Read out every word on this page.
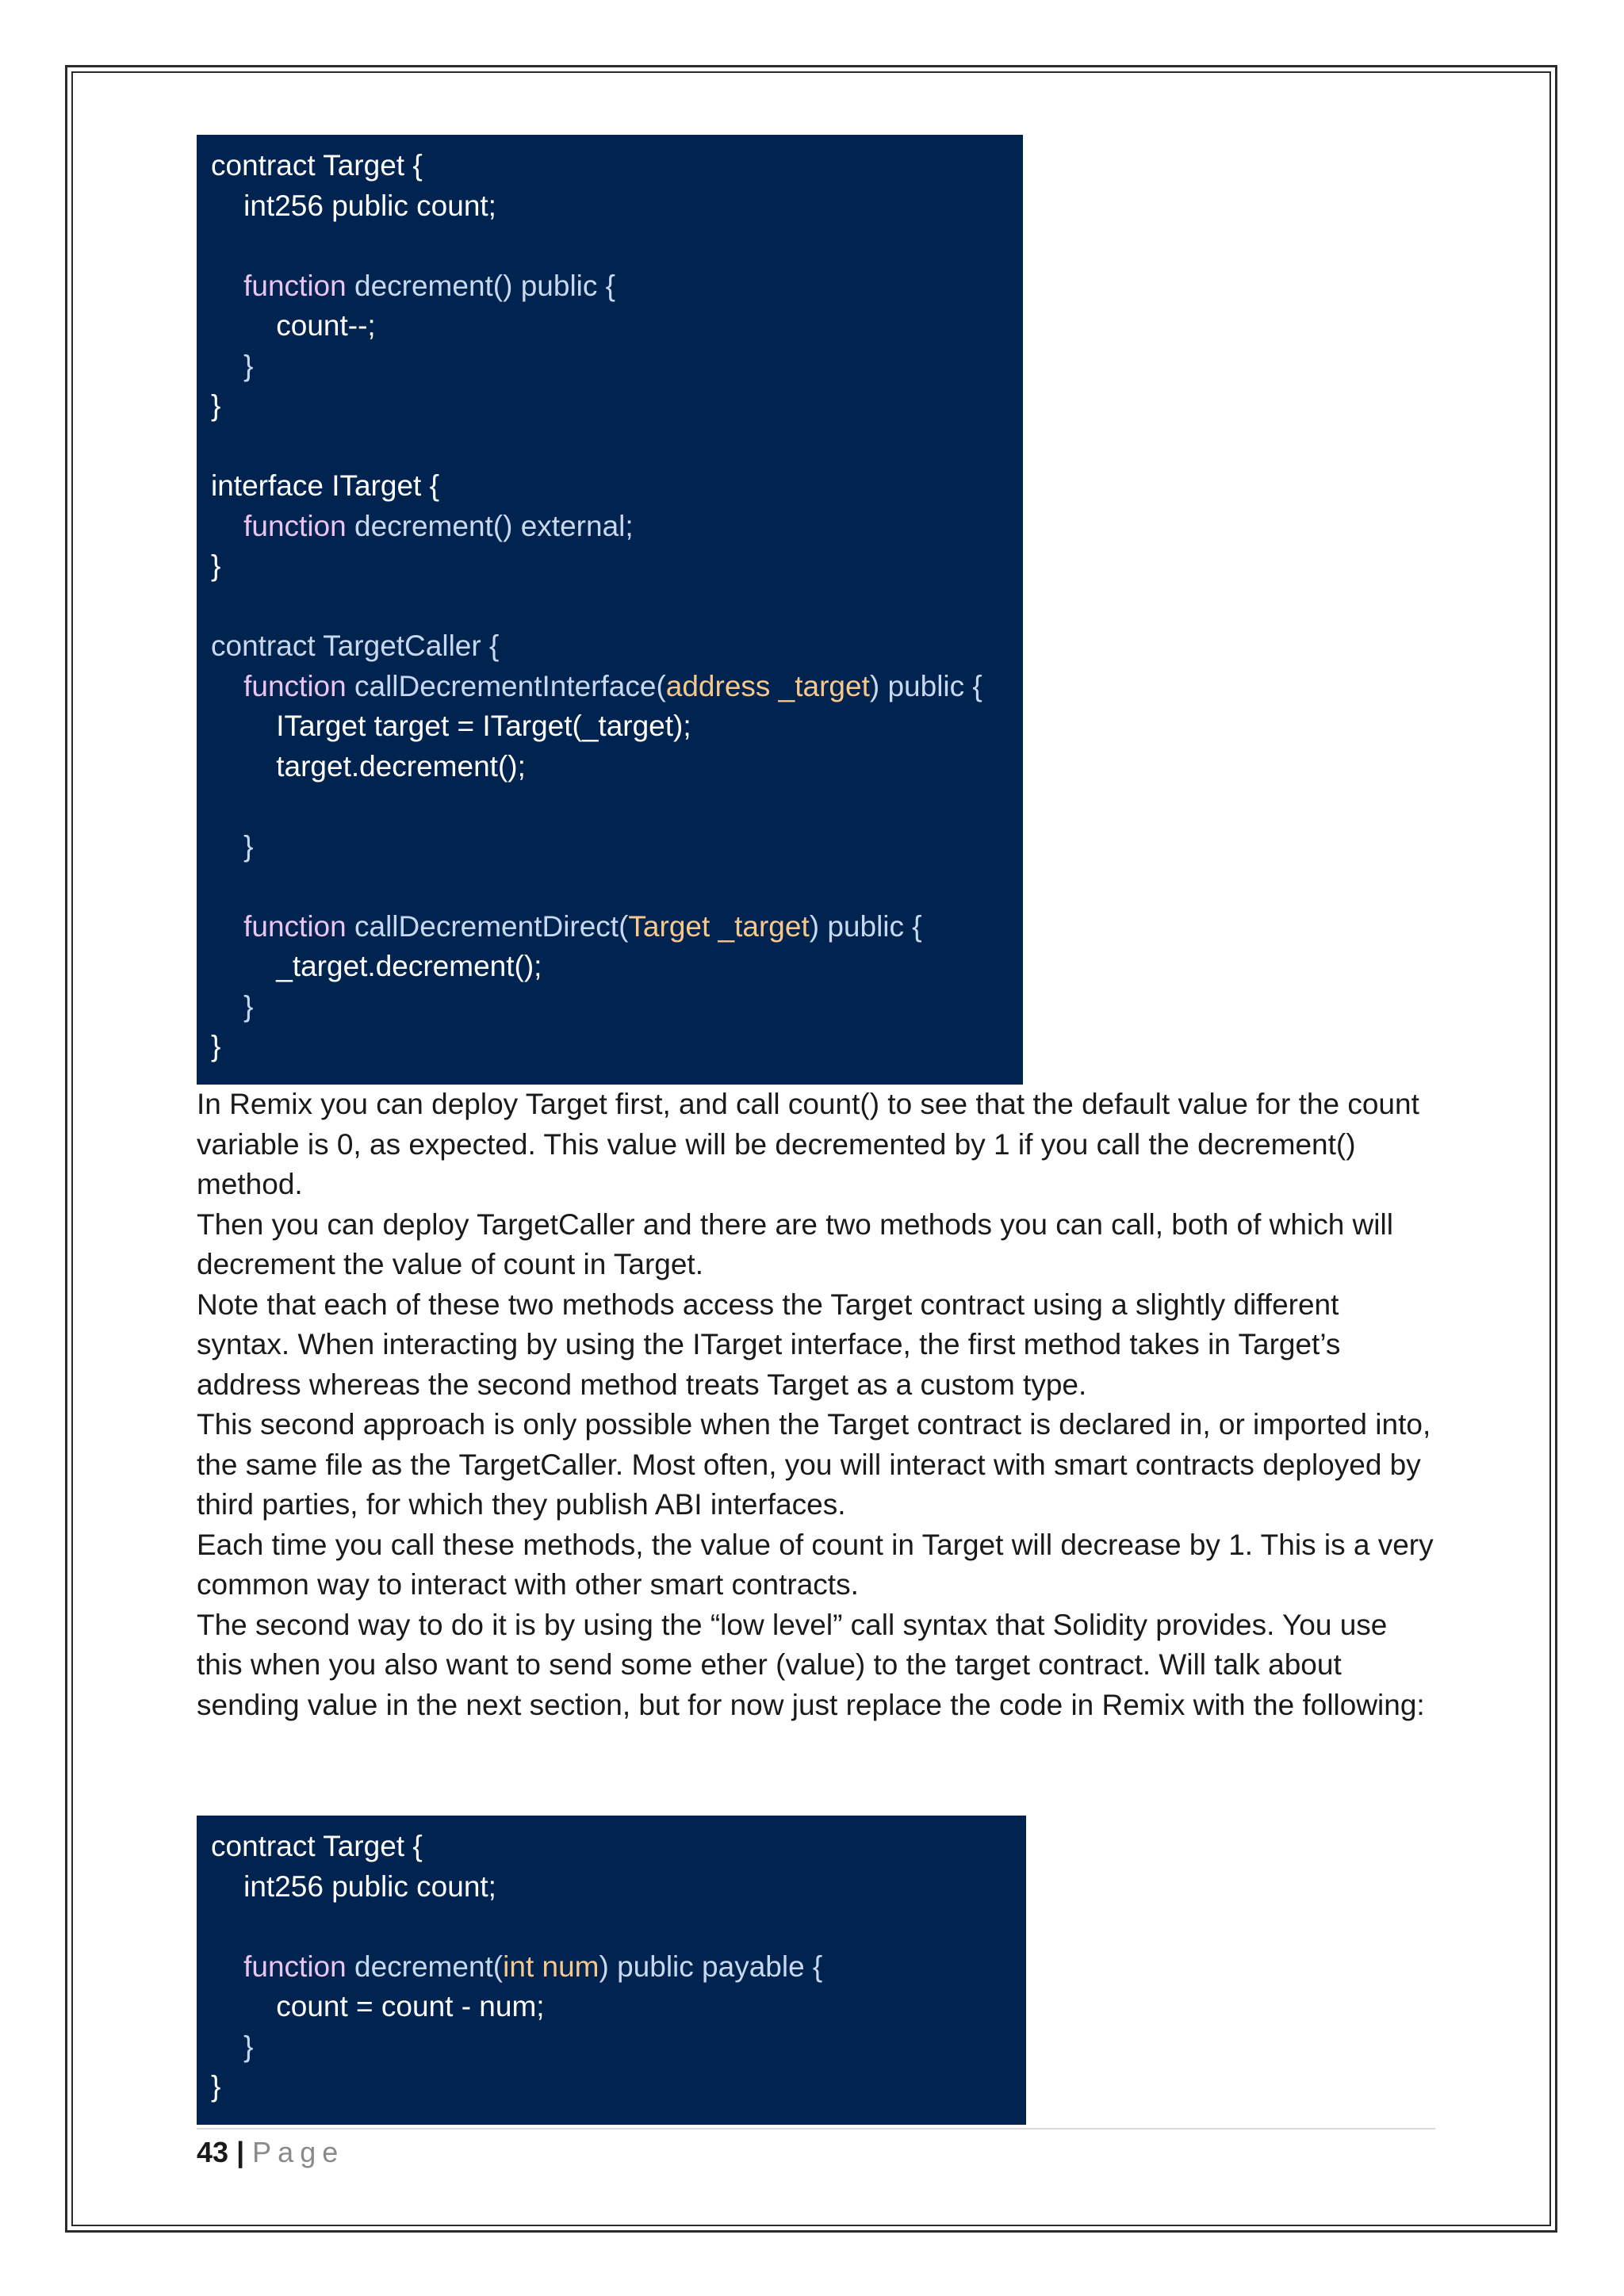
contract Target {
int256 public count;
function decrement() public {
count--;
}
}
interface ITarget {
function decrement() external;
}
contract TargetCaller {
function callDecrementInterface(address _target) public {
ITarget target = ITarget(_target);
target.decrement();
}
function callDecrementDirect(Target _target) public {
_target.decrement();
}
}

In Remix you can deploy Target first, and call count() to see that the default value for the count variable is 0, as expected. This value will be decremented by 1 if you call the decrement() method.

Then you can deploy TargetCaller and there are two methods you can call, both of which will decrement the value of count in Target.

Note that each of these two methods access the Target contract using a slightly different syntax. When interacting by using the ITarget interface, the first method takes in Target’s address whereas the second method treats Target as a custom type.

This second approach is only possible when the Target contract is declared in, or imported into, the same file as the TargetCaller. Most often, you will interact with smart contracts deployed by third parties, for which they publish ABI interfaces.

Each time you call these methods, the value of count in Target will decrease by 1. This is a very common way to interact with other smart contracts.

The second way to do it is by using the “low level” call syntax that Solidity provides. You use this when you also want to send some ether (value) to the target contract. Will talk about sending value in the next section, but for now just replace the code in Remix with the following:

contract Target {
int256 public count;
function decrement(int num) public payable {
count = count - num;
}
}
43 | Page
